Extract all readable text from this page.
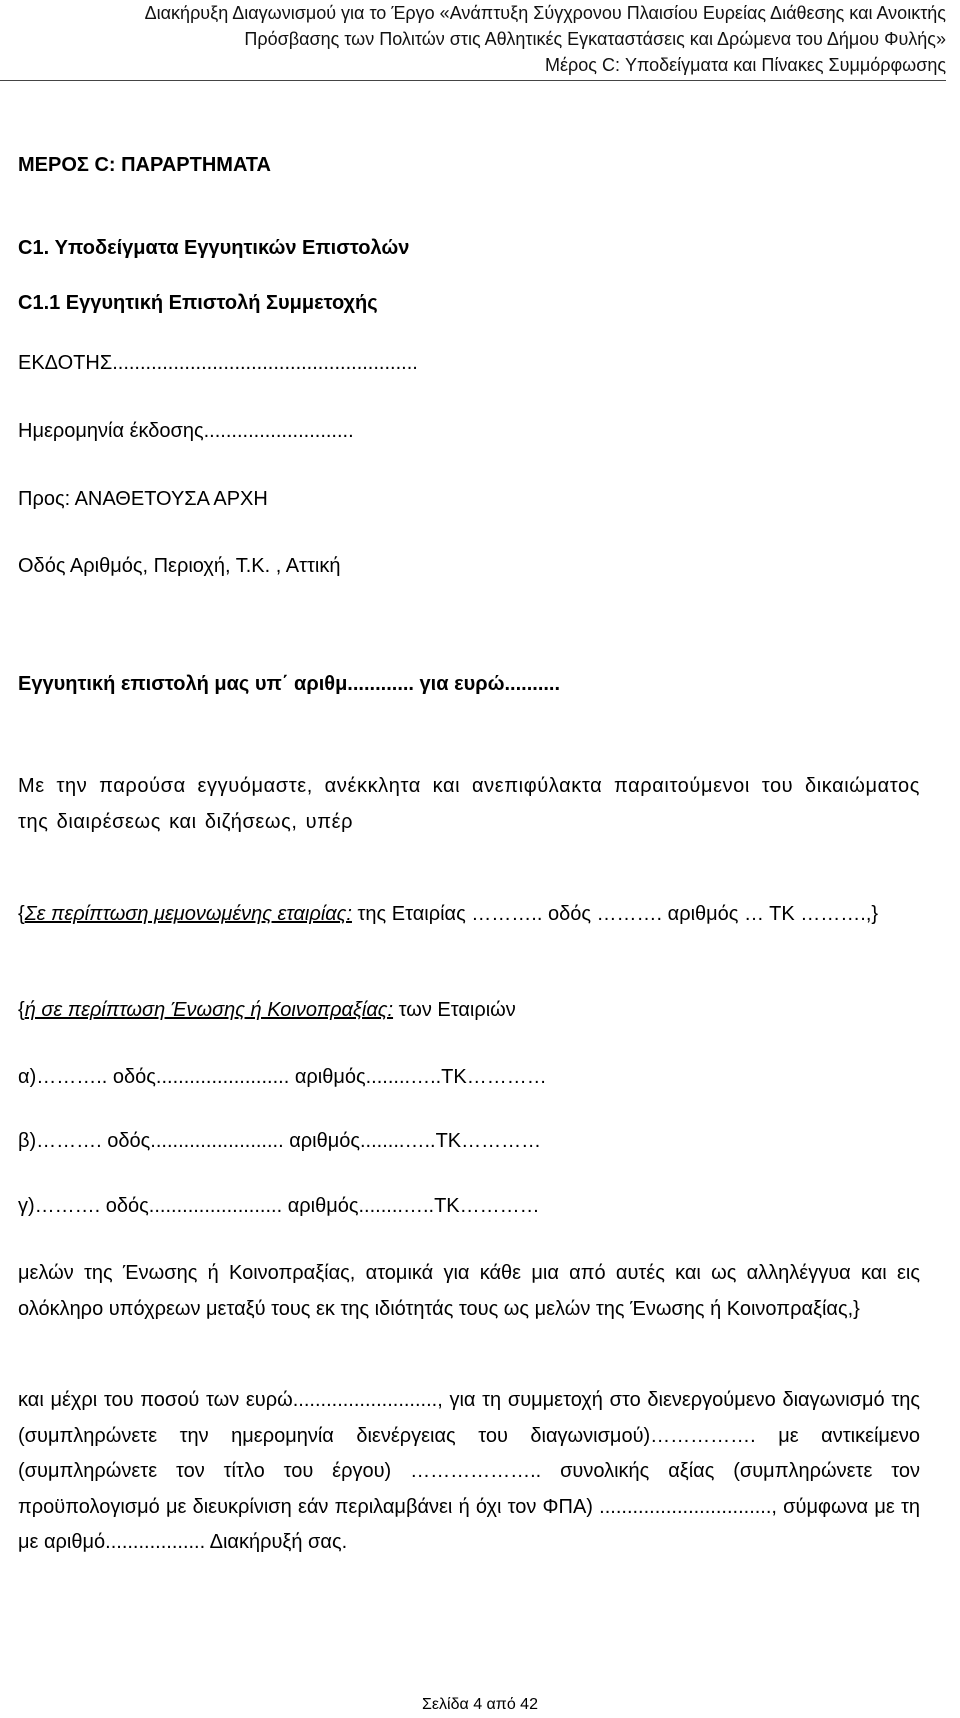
Διακήρυξη Διαγωνισμού για το Έργο «Ανάπτυξη Σύγχρονου Πλαισίου Ευρείας Διάθεσης και Ανοικτής
Πρόσβασης των Πολιτών στις Αθλητικές Εγκαταστάσεις και Δρώμενα του Δήμου Φυλής»
Μέρος C: Υποδείγματα και Πίνακες Συμμόρφωσης
ΜΕΡΟΣ C: ΠΑΡΑΡΤΗΜΑΤΑ
C1. Υποδείγματα Εγγυητικών Επιστολών
C1.1 Εγγυητική Επιστολή Συμμετοχής
ΕΚΔΟΤΗΣ.......................................................
Ημερομηνία έκδοσης...........................
Προς: ΑΝΑΘΕΤΟΥΣΑ ΑΡΧΗ
Οδός Αριθμός, Περιοχή, Τ.Κ. , Αττική
Εγγυητική επιστολή μας υπ΄ αριθμ............ για ευρώ..........
Με την παρούσα εγγυόμαστε, ανέκκλητα και ανεπιφύλακτα παραιτούμενοι του δικαιώματος της διαιρέσεως και διζήσεως, υπέρ
{Σε περίπτωση μεμονωμένης εταιρίας: της Εταιρίας ……….. οδός ………. αριθμός … ΤΚ ……….,}
{ή σε περίπτωση Ένωσης ή Κοινοπραξίας: των Εταιριών
α)……….. οδός........................ αριθμός........…..ΤΚ…………
β)………. οδός........................ αριθμός........…..ΤΚ…………
γ)………. οδός........................ αριθμός........…..ΤΚ…………
μελών της Ένωσης ή Κοινοπραξίας, ατομικά για κάθε μια από αυτές και ως αλληλέγγυα και εις ολόκληρο υπόχρεων μεταξύ τους εκ της ιδιότητάς τους ως μελών της Ένωσης ή Κοινοπραξίας,}
και μέχρι του ποσού των ευρώ.........................., για τη συμμετοχή στο διενεργούμενο διαγωνισμό της (συμπληρώνετε την ημερομηνία διενέργειας του διαγωνισμού)……………. με αντικείμενο (συμπληρώνετε τον τίτλο του έργου) ……………….. συνολικής αξίας (συμπληρώνετε τον προϋπολογισμό με διευκρίνιση εάν περιλαμβάνει ή όχι τον ΦΠΑ) ..............................., σύμφωνα με τη με αριθμό.................. Διακήρυξή σας.
Σελίδα 4 από 42
